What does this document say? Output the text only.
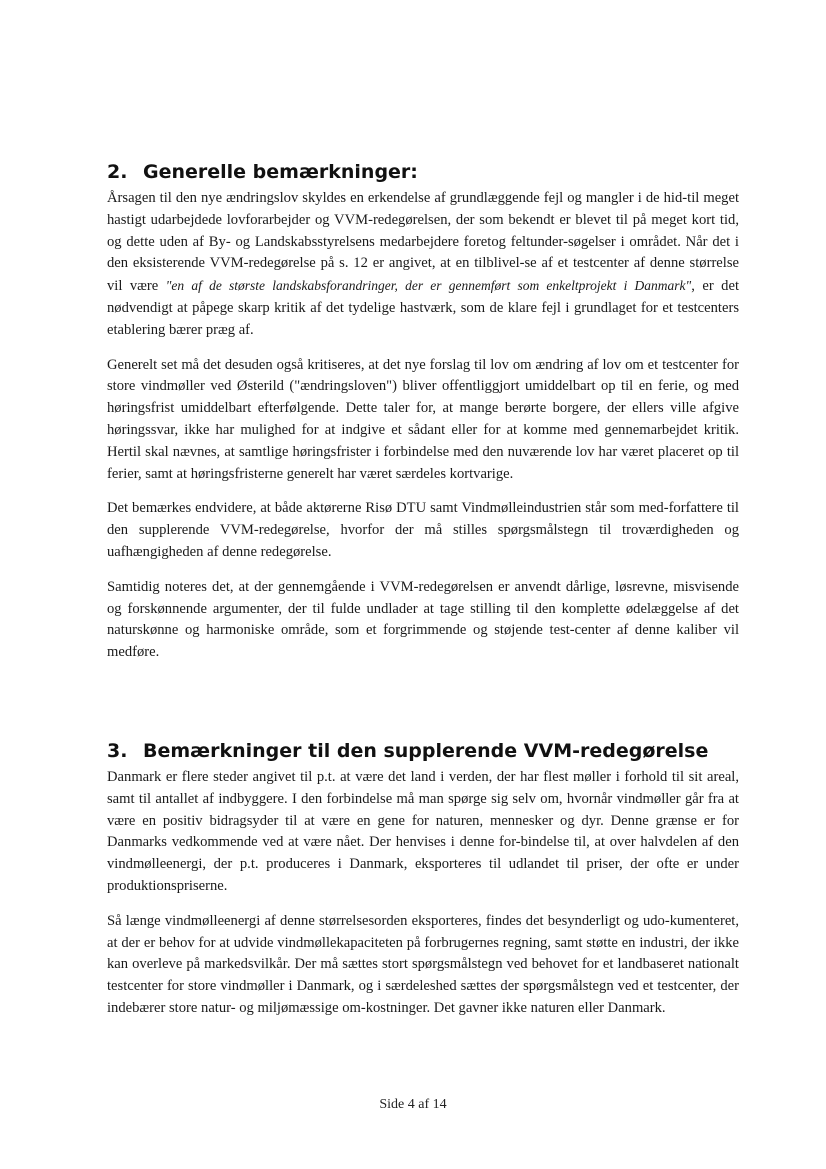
2. Generelle bemærkninger:

Årsagen til den nye ændringslov skyldes en erkendelse af grundlæggende fejl og mangler i de hid-til meget hastigt udarbejdede lovforarbejder og VVM-redegørelsen, der som bekendt er blevet til på meget kort tid, og dette uden af By- og Landskabsstyrelsens medarbejdere foretog feltunder-søgelser i området. Når det i den eksisterende VVM-redegørelse på s. 12 er angivet, at en tilblivel-se af et testcenter af denne størrelse vil være "en af de største landskabsforandringer, der er gennemført som enkeltprojekt i Danmark", er det nødvendigt at påpege skarp kritik af det tydelige hastværk, som de klare fejl i grundlaget for et testcenters etablering bærer præg af.

Generelt set må det desuden også kritiseres, at det nye forslag til lov om ændring af lov om et testcenter for store vindmøller ved Østerild ("ændringsloven") bliver offentliggjort umiddelbart op til en ferie, og med høringsfrist umiddelbart efterfølgende. Dette taler for, at mange berørte borgere, der ellers ville afgive høringssvar, ikke har mulighed for at indgive et sådant eller for at komme med gennemarbejdet kritik. Hertil skal nævnes, at samtlige høringsfrister i forbindelse med den nuværende lov har været placeret op til ferier, samt at høringsfristerne generelt har været særdeles kortvarige.

Det bemærkes endvidere, at både aktørerne Risø DTU samt Vindmølleindustrien står som med-forfattere til den supplerende VVM-redegørelse, hvorfor der må stilles spørgsmålstegn til troværdigheden og uafhængigheden af denne redegørelse.

Samtidig noteres det, at der gennemgående i VVM-redegørelsen er anvendt dårlige, løsrevne, misvisende og forskønnende argumenter, der til fulde undlader at tage stilling til den komplette ødelæggelse af det naturskønne og harmoniske område, som et forgrimmende og støjende test-center af denne kaliber vil medføre.

3. Bemærkninger til den supplerende VVM-redegørelse

Danmark er flere steder angivet til p.t. at være det land i verden, der har flest møller i forhold til sit areal, samt til antallet af indbyggere. I den forbindelse må man spørge sig selv om, hvornår vindmøller går fra at være en positiv bidragsyder til at være en gene for naturen, mennesker og dyr. Denne grænse er for Danmarks vedkommende ved at være nået. Der henvises i denne for-bindelse til, at over halvdelen af den vindmølleenergi, der p.t. produceres i Danmark, eksporteres til udlandet til priser, der ofte er under produktionspriserne.

Så længe vindmølleenergi af denne størrelsesorden eksporteres, findes det besynderligt og udo-kumenteret, at der er behov for at udvide vindmøllekapaciteten på forbrugernes regning, samt støtte en industri, der ikke kan overleve på markedsvilkår. Der må sættes stort spørgsmålstegn ved behovet for et landbaseret nationalt testcenter for store vindmøller i Danmark, og i særdeleshed sættes der spørgsmålstegn ved et testcenter, der indebærer store natur- og miljømæssige om-kostninger. Det gavner ikke naturen eller Danmark.

Side 4 af 14
